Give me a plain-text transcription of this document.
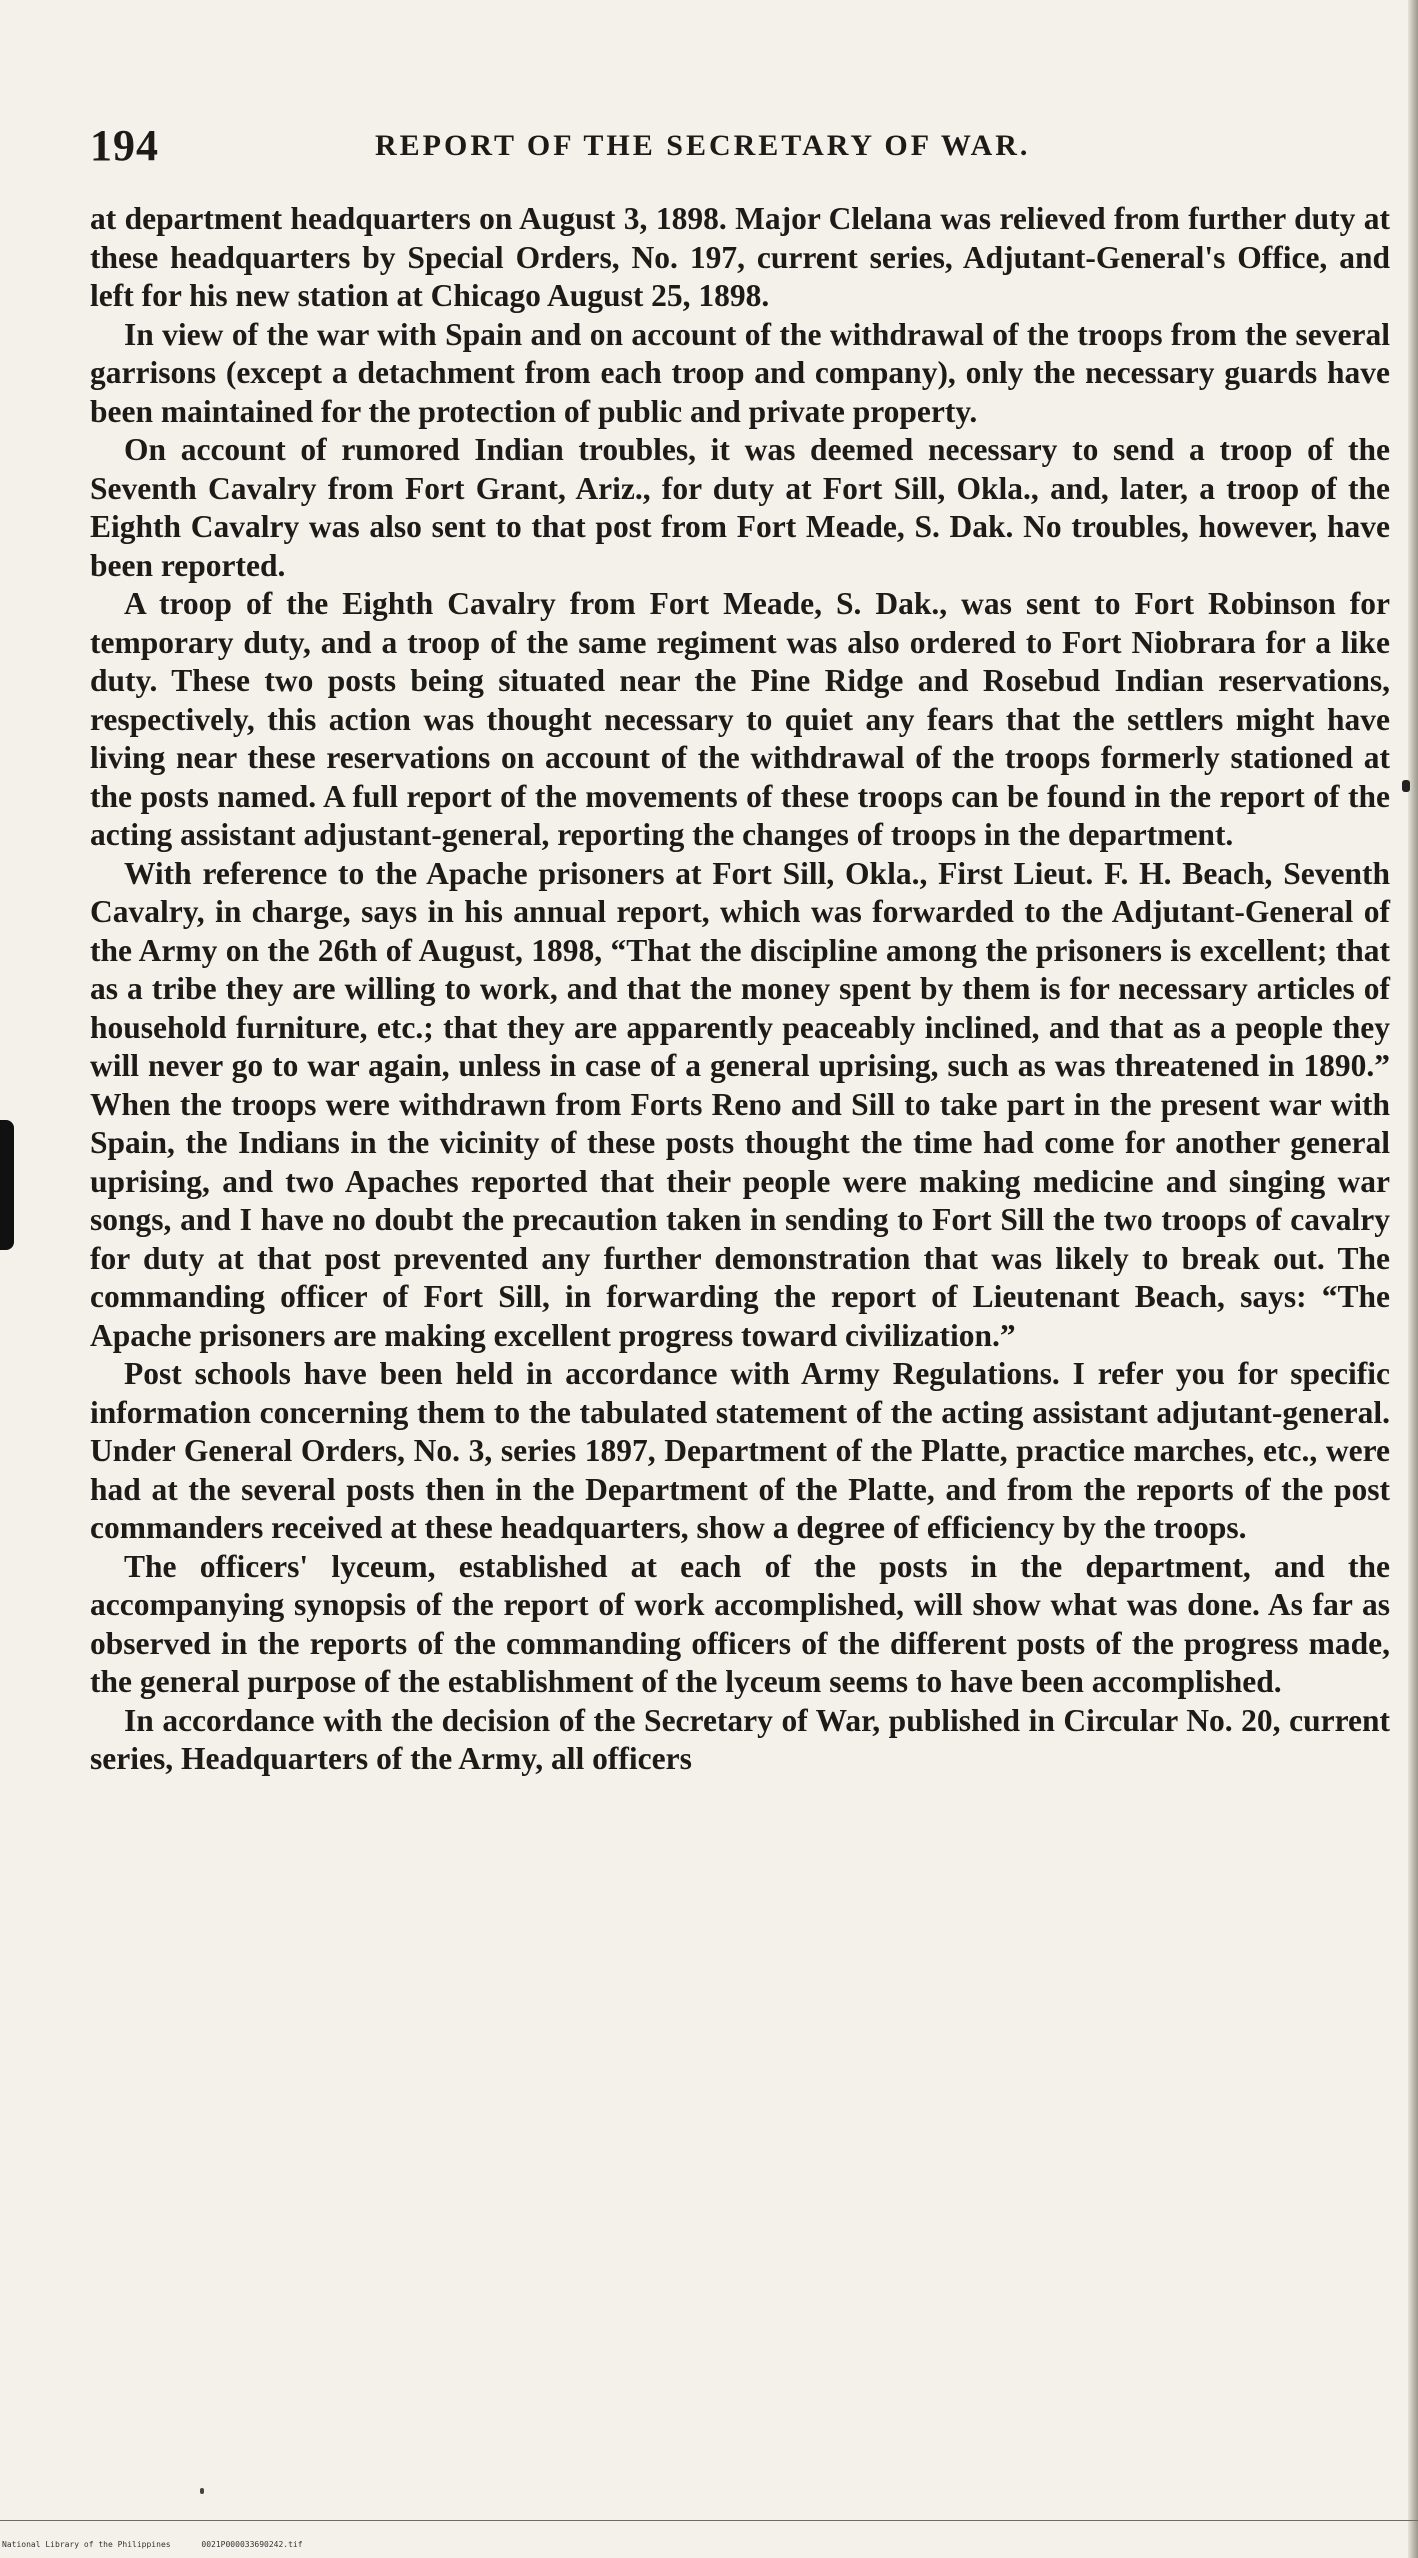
194	REPORT OF THE SECRETARY OF WAR.

at department headquarters on August 3, 1898. Major Clelana was relieved from further duty at these headquarters by Special Orders, No. 197, current series, Adjutant-General's Office, and left for his new station at Chicago August 25, 1898.

In view of the war with Spain and on account of the withdrawal of the troops from the several garrisons (except a detachment from each troop and company), only the necessary guards have been maintained for the protection of public and private property.

On account of rumored Indian troubles, it was deemed necessary to send a troop of the Seventh Cavalry from Fort Grant, Ariz., for duty at Fort Sill, Okla., and, later, a troop of the Eighth Cavalry was also sent to that post from Fort Meade, S. Dak. No troubles, however, have been reported.

A troop of the Eighth Cavalry from Fort Meade, S. Dak., was sent to Fort Robinson for temporary duty, and a troop of the same regiment was also ordered to Fort Niobrara for a like duty. These two posts being situated near the Pine Ridge and Rosebud Indian reservations, respectively, this action was thought necessary to quiet any fears that the settlers might have living near these reservations on account of the withdrawal of the troops formerly stationed at the posts named. A full report of the movements of these troops can be found in the report of the acting assistant adjustant-general, reporting the changes of troops in the department.

With reference to the Apache prisoners at Fort Sill, Okla., First Lieut. F. H. Beach, Seventh Cavalry, in charge, says in his annual report, which was forwarded to the Adjutant-General of the Army on the 26th of August, 1898, “That the discipline among the prisoners is excellent; that as a tribe they are willing to work, and that the money spent by them is for necessary articles of household furniture, etc.; that they are apparently peaceably inclined, and that as a people they will never go to war again, unless in case of a general uprising, such as was threatened in 1890.” When the troops were withdrawn from Forts Reno and Sill to take part in the present war with Spain, the Indians in the vicinity of these posts thought the time had come for another general uprising, and two Apaches reported that their people were making medicine and singing war songs, and I have no doubt the precaution taken in sending to Fort Sill the two troops of cavalry for duty at that post prevented any further demonstration that was likely to break out. The commanding officer of Fort Sill, in forwarding the report of Lieutenant Beach, says: “The Apache prisoners are making excellent progress toward civilization.”

Post schools have been held in accordance with Army Regulations. I refer you for specific information concerning them to the tabulated statement of the acting assistant adjutant-general. Under General Orders, No. 3, series 1897, Department of the Platte, practice marches, etc., were had at the several posts then in the Department of the Platte, and from the reports of the post commanders received at these headquarters, show a degree of efficiency by the troops.

The officers' lyceum, established at each of the posts in the department, and the accompanying synopsis of the report of work accomplished, will show what was done. As far as observed in the reports of the commanding officers of the different posts of the progress made, the general purpose of the establishment of the lyceum seems to have been accomplished.

In accordance with the decision of the Secretary of War, published in Circular No. 20, current series, Headquarters of the Army, all officers

National Library of the Philippines	0021P000033690242.tif
